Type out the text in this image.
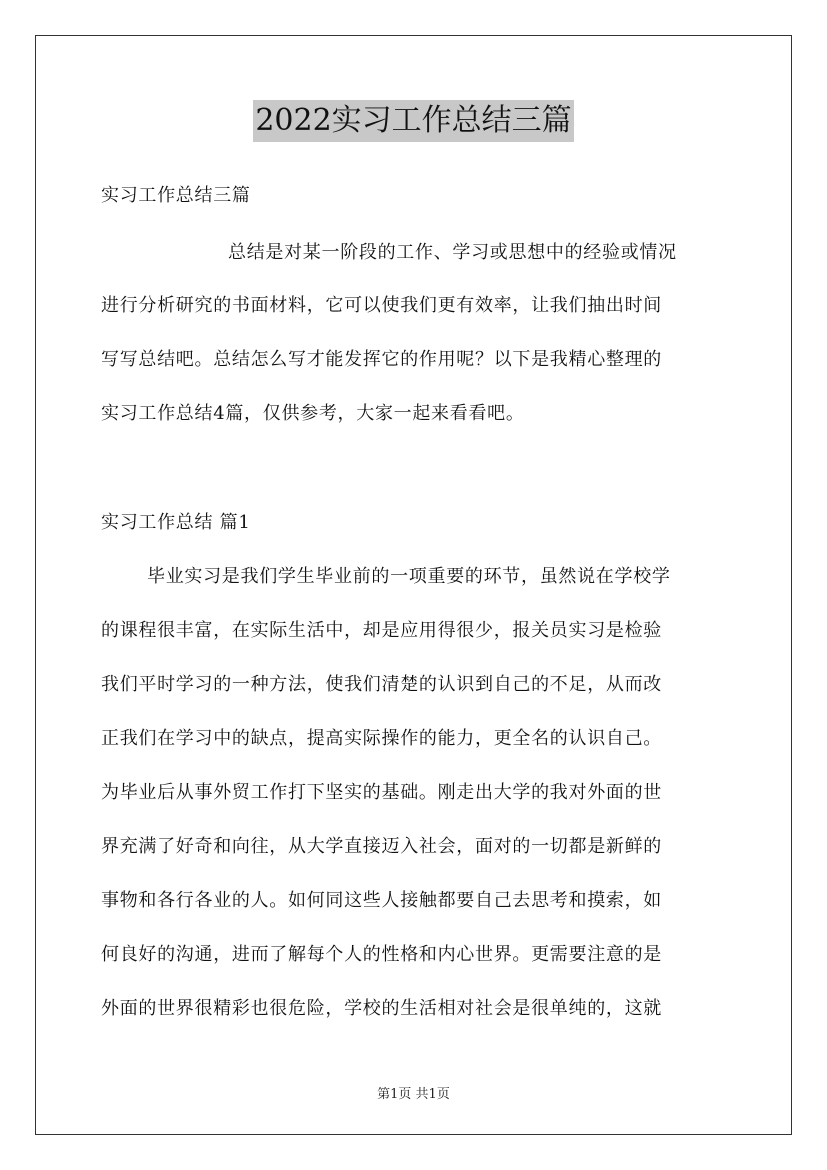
2022实习工作总结三篇
实习工作总结三篇
总结是对某一阶段的工作、学习或思想中的经验或情况
进行分析研究的书面材料，它可以使我们更有效率，让我们抽出时间
写写总结吧。总结怎么写才能发挥它的作用呢？以下是我精心整理的
实习工作总结4篇，仅供参考，大家一起来看看吧。
实习工作总结 篇1
毕业实习是我们学生毕业前的一项重要的环节，虽然说在学校学
的课程很丰富，在实际生活中，却是应用得很少，报关员实习是检验
我们平时学习的一种方法，使我们清楚的认识到自己的不足，从而改
正我们在学习中的缺点，提高实际操作的能力，更全名的认识自己。
为毕业后从事外贸工作打下坚实的基础。刚走出大学的我对外面的世
界充满了好奇和向往，从大学直接迈入社会，面对的一切都是新鲜的
事物和各行各业的人。如何同这些人接触都要自己去思考和摸索，如
何良好的沟通，进而了解每个人的性格和内心世界。更需要注意的是
外面的世界很精彩也很危险，学校的生活相对社会是很单纯的，这就
第1页 共1页
